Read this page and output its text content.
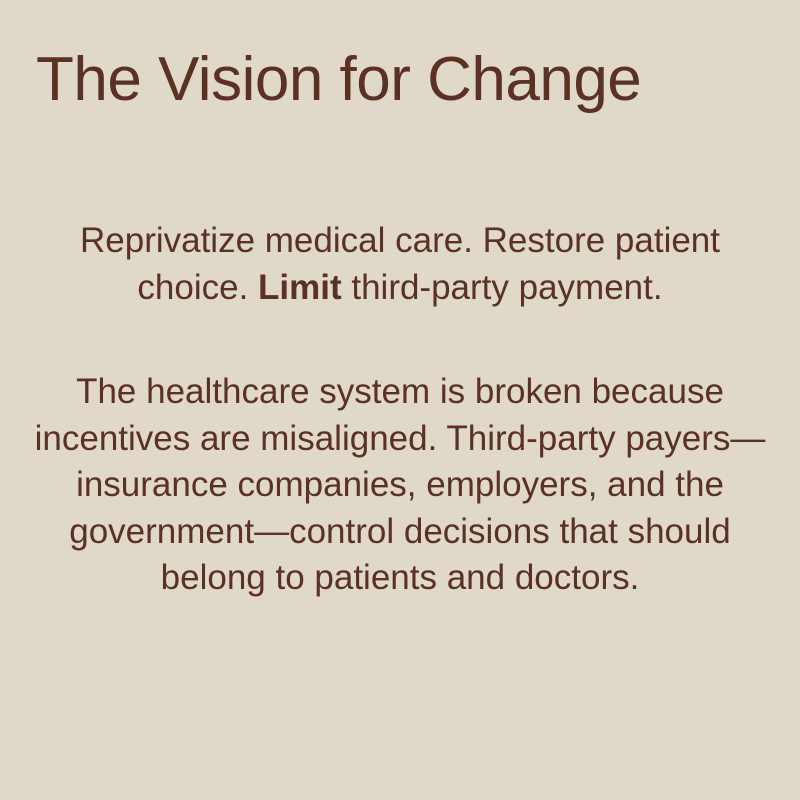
The Vision for Change

Reprivatize medical care. Restore patient choice. Limit third-party payment.

The healthcare system is broken because incentives are misaligned. Third-party payers—insurance companies, employers, and the government—control decisions that should belong to patients and doctors.
